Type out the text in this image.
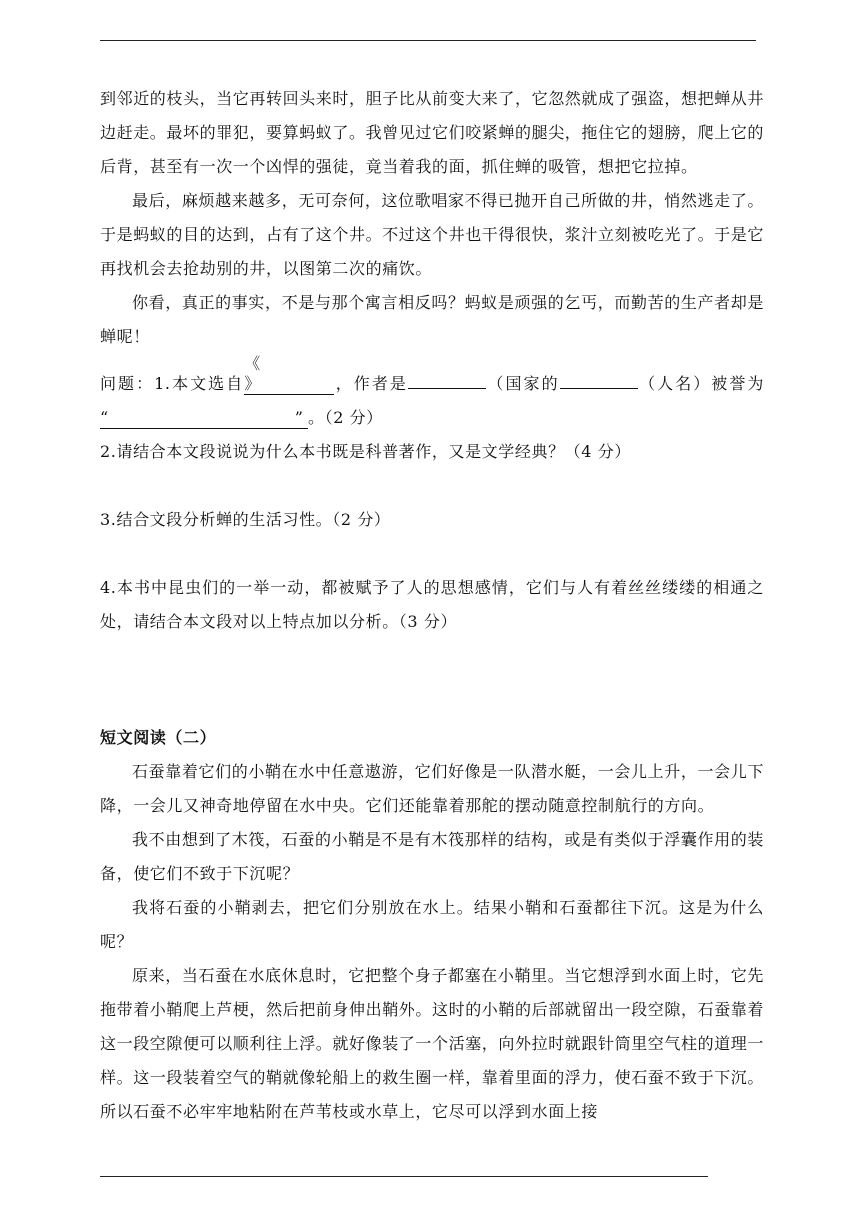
到邻近的枝头，当它再转回头来时，胆子比从前变大来了，它忽然就成了强盗，想把蝉从井边赶走。最坏的罪犯，要算蚂蚁了。我曾见过它们咬紧蝉的腿尖，拖住它的翅膀，爬上它的后背，甚至有一次一个凶悍的强徒，竟当着我的面，抓住蝉的吸管，想把它拉掉。

最后，麻烦越来越多，无可奈何，这位歌唱家不得已抛开自己所做的井，悄然逃走了。于是蚂蚁的目的达到，占有了这个井。不过这个井也干得很快，浆汁立刻被吃光了。于是它再找机会去抢劫别的井，以图第二次的痛饮。

你看，真正的事实，不是与那个寓言相反吗？蚂蚁是顽强的乞丐，而勤苦的生产者却是蝉呢！

问题：1.本文选自《》	，作者是	（国家的	（人名）被誉为“	” 。（2 分）

2.请结合本文段说说为什么本书既是科普著作，又是文学经典？（4 分）

3.结合文段分析蝉的生活习性。（2 分）

4.本书中昆虫们的一举一动，都被赋予了人的思想感情，它们与人有着丝丝缕缕的相通之处，请结合本文段对以上特点加以分析。（3 分）

短文阅读（二）

石蚕靠着它们的小鞘在水中任意遨游，它们好像是一队潜水艇，一会儿上升，一会儿下降，一会儿又神奇地停留在水中央。它们还能靠着那舵的摆动随意控制航行的方向。

我不由想到了木筏，石蚕的小鞘是不是有木筏那样的结构，或是有类似于浮囊作用的装备，使它们不致于下沉呢？

我将石蚕的小鞘剥去，把它们分别放在水上。结果小鞘和石蚕都往下沉。这是为什么呢？

原来，当石蚕在水底休息时，它把整个身子都塞在小鞘里。当它想浮到水面上时，它先拖带着小鞘爬上芦梗，然后把前身伸出鞘外。这时的小鞘的后部就留出一段空隙，石蚕靠着这一段空隙便可以顺利往上浮。就好像装了一个活塞，向外拉时就跟针筒里空气柱的道理一样。这一段装着空气的鞘就像轮船上的救生圈一样，靠着里面的浮力，使石蚕不致于下沉。所以石蚕不必牢牢地粘附在芦苇枝或水草上，它尽可以浮到水面上接
